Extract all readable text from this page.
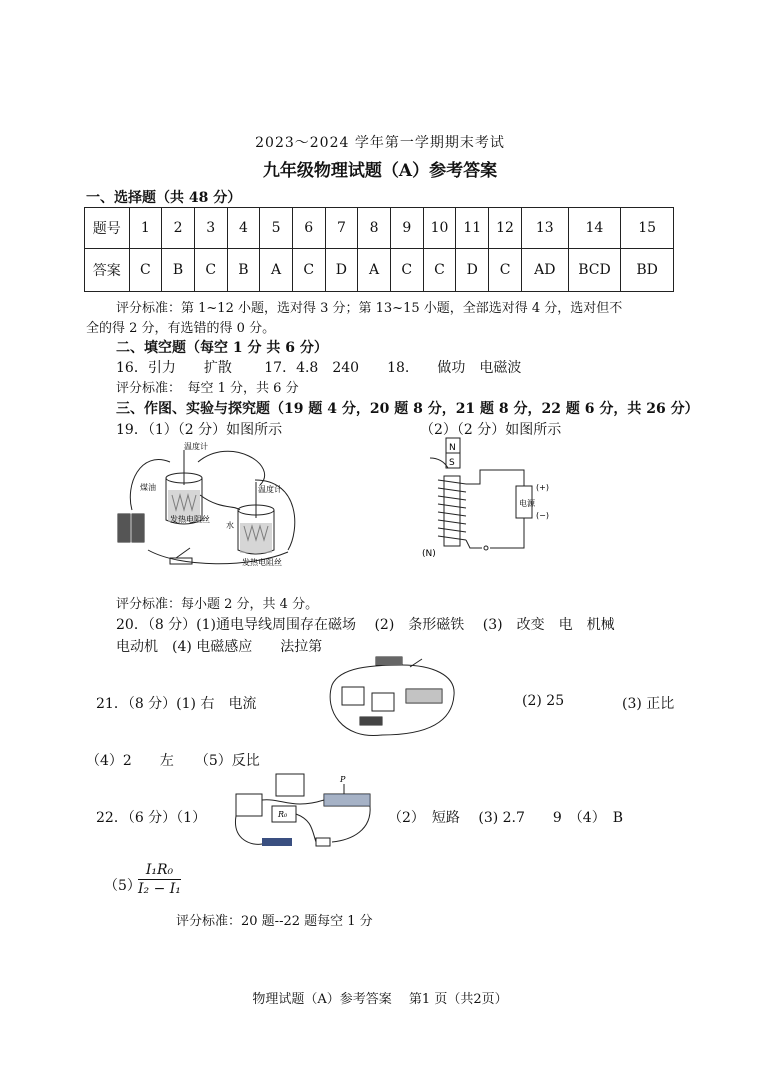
2023～2024 学年第一学期期末考试
九年级物理试题（A）参考答案
一、选择题（共 48 分）
题号	1	2	3	4	5	6	7	8	9	10	11	12	13	14	15
答案	C	B	C	B	A	C	D	A	C	C	D	C	AD	BCD	BD
评分标准：第 1~12 小题，选对得 3 分；第 13~15 小题，全部选对得 4 分，选对但不
全的得 2 分，有选错的得 0 分。
二、填空题（每空 1 分 共 6 分）
16．引力　　扩散　　 17．4.8　240　　18.　　做功　电磁波
评分标准：　每空 1 分，共 6 分
三、作图、实验与探究题（19 题 4 分，20 题 8 分，21 题 8 分，22 题 6 分，共 26 分）
19．（1）（2 分）如图所示	（2）（2 分）如图所示
温度计
温度计
煤油
水
发热电阻丝
发热电阻丝
N
S
电源
(+)
(−)
(N)
评分标准：每小题 2 分，共 4 分。
20．（8 分）(1)通电导线周围存在磁场　 (2)　条形磁铁　 (3)　改变　电　机械
电动机　(4) 电磁感应　　法拉第
21．（8 分）(1) 右　电流	(2) 25	(3) 正比
（4）2　　左　　（5）反比
22．（6 分）（1）
P
R₀	（2）　短路　 (3) 2.7　　9　（4）　B
（5）
$\frac{\text{I₁R₀}}{\text{I₂ − I₁}}$
评分标准：20 题--22 题每空 1 分
物理试题（A）参考答案　 第1 页（共2页）
